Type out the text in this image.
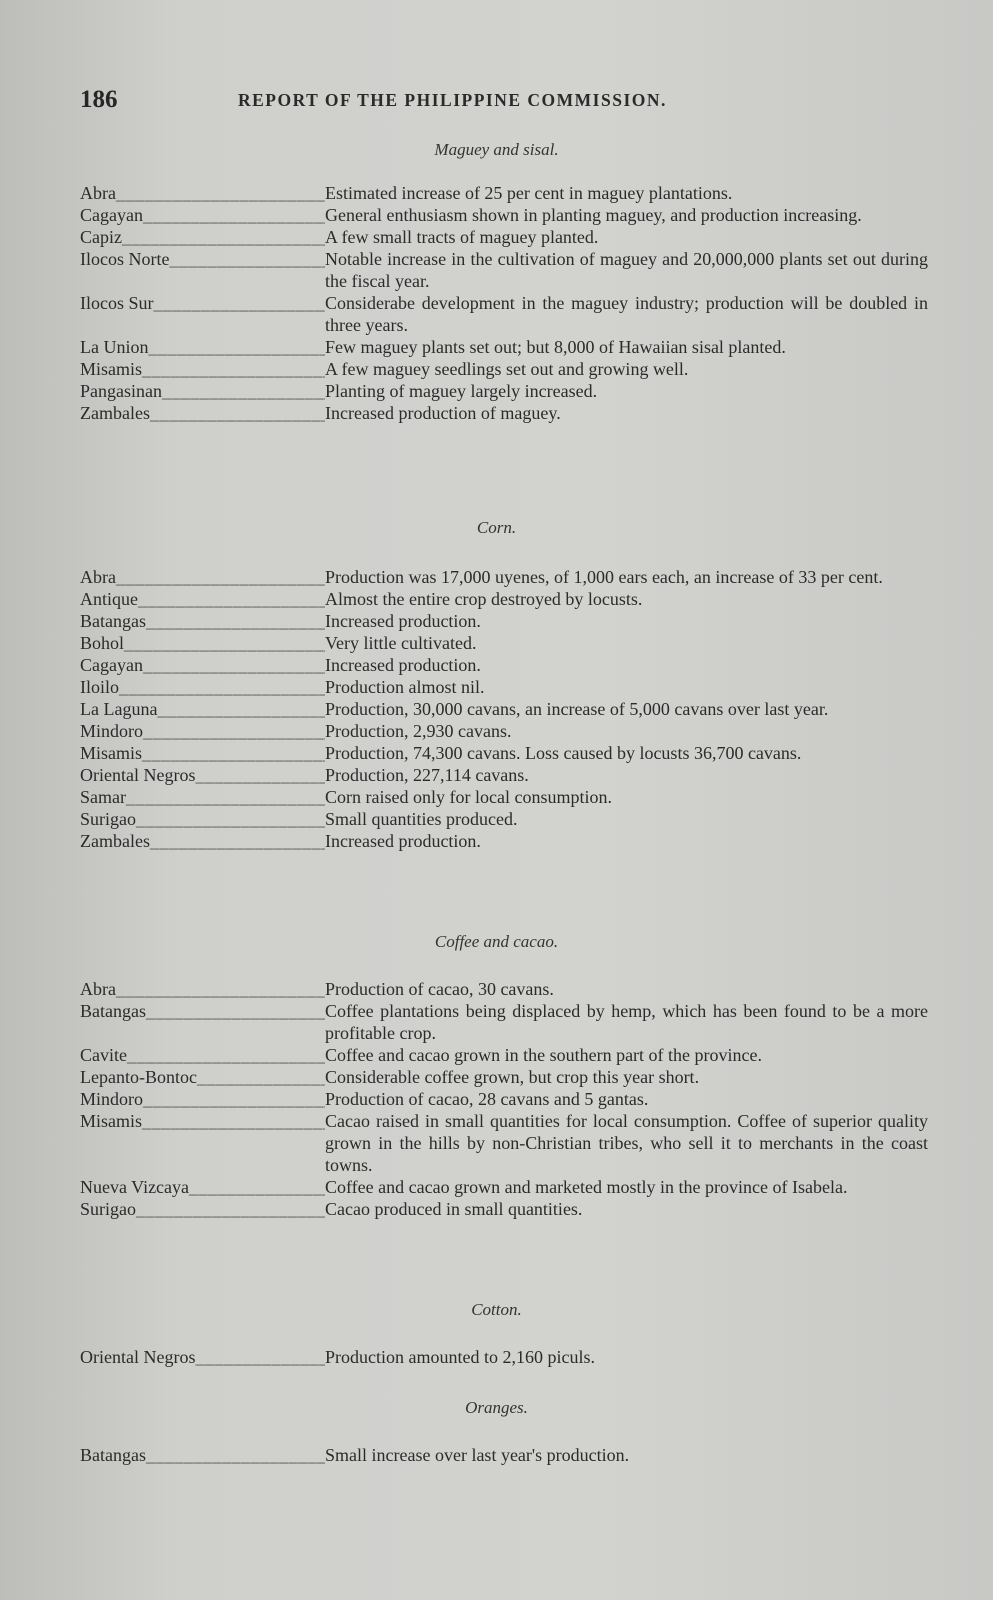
186	REPORT OF THE PHILIPPINE COMMISSION.
Maguey and sisal.
Abra _____	Estimated increase of 25 per cent in maguey plantations.
Cagayan _____	General enthusiasm shown in planting maguey, and production increasing.
Capiz _____	A few small tracts of maguey planted.
Ilocos Norte _____	Notable increase in the cultivation of maguey and 20,000,000 plants set out during the fiscal year.
Ilocos Sur _____	Considerabe development in the maguey industry; production will be doubled in three years.
La Union _____	Few maguey plants set out; but 8,000 of Hawaiian sisal planted.
Misamis _____	A few maguey seedlings set out and growing well.
Pangasinan _____	Planting of maguey largely increased.
Zambales _____	Increased production of maguey.
Corn.
Abra _____	Production was 17,000 uyenes, of 1,000 ears each, an increase of 33 per cent.
Antique _____	Almost the entire crop destroyed by locusts.
Batangas _____	Increased production.
Bohol _____	Very little cultivated.
Cagayan _____	Increased production.
Iloilo _____	Production almost nil.
La Laguna _____	Production, 30,000 cavans, an increase of 5,000 cavans over last year.
Mindoro _____	Production, 2,930 cavans.
Misamis _____	Production, 74,300 cavans. Loss caused by locusts 36,700 cavans.
Oriental Negros _____	Production, 227,114 cavans.
Samar _____	Corn raised only for local consumption.
Surigao _____	Small quantities produced.
Zambales _____	Increased production.
Coffee and cacao.
Abra _____	Production of cacao, 30 cavans.
Batangas _____	Coffee plantations being displaced by hemp, which has been found to be a more profitable crop.
Cavite _____	Coffee and cacao grown in the southern part of the province.
Lepanto-Bontoc _____	Considerable coffee grown, but crop this year short.
Mindoro _____	Production of cacao, 28 cavans and 5 gantas.
Misamis _____	Cacao raised in small quantities for local consumption. Coffee of superior quality grown in the hills by non-Christian tribes, who sell it to merchants in the coast towns.
Nueva Vizcaya _____	Coffee and cacao grown and marketed mostly in the province of Isabela.
Surigao _____	Cacao produced in small quantities.
Cotton.
Oriental Negros _____	Production amounted to 2,160 piculs.
Oranges.
Batangas _____	Small increase over last year's production.
